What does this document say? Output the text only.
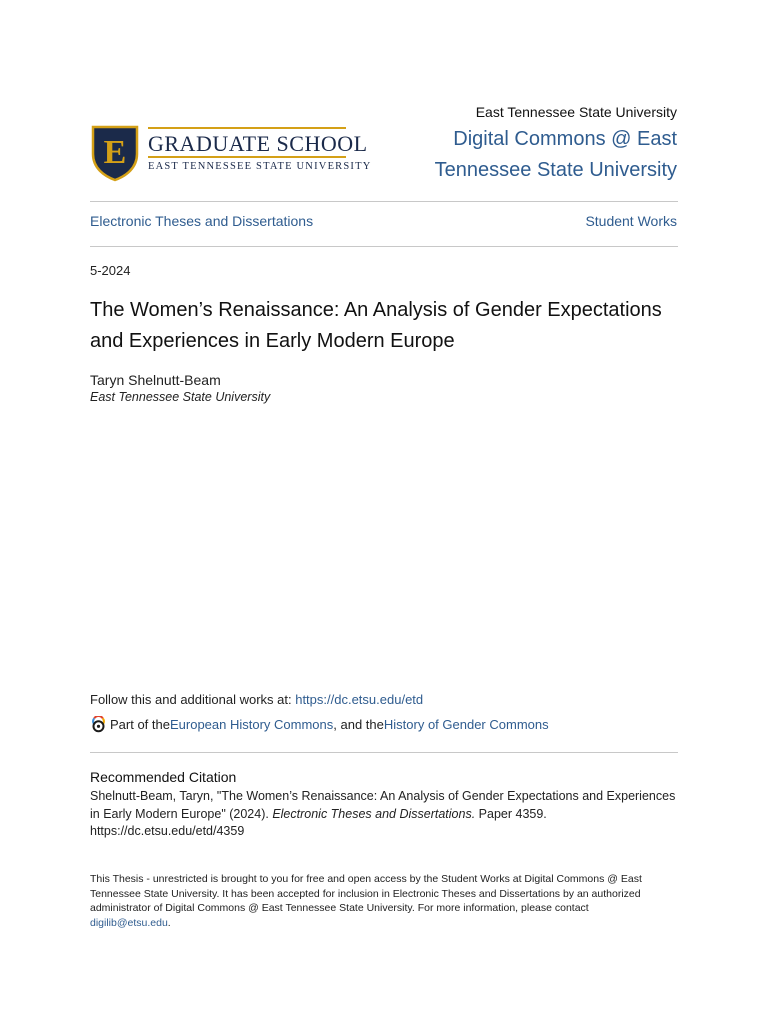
E GRADUATE SCHOOL
EAST TENNESSEE STATE UNIVERSITY
East Tennessee State University
Digital Commons @ East
Tennessee State University
Electronic Theses and Dissertations	Student Works
5-2024
The Women’s Renaissance: An Analysis of Gender Expectations and Experiences in Early Modern Europe
Taryn Shelnutt-Beam
East Tennessee State University
Follow this and additional works at: https://dc.etsu.edu/etd
Part of the European History Commons , and the History of Gender Commons
Recommended Citation
Shelnutt-Beam, Taryn, "The Women’s Renaissance: An Analysis of Gender Expectations and Experiences in Early Modern Europe" (2024). Electronic Theses and Dissertations. Paper 4359. https://dc.etsu.edu/etd/4359
This Thesis - unrestricted is brought to you for free and open access by the Student Works at Digital Commons @ East Tennessee State University. It has been accepted for inclusion in Electronic Theses and Dissertations by an authorized administrator of Digital Commons @ East Tennessee State University. For more information, please contact digilib@etsu.edu.
